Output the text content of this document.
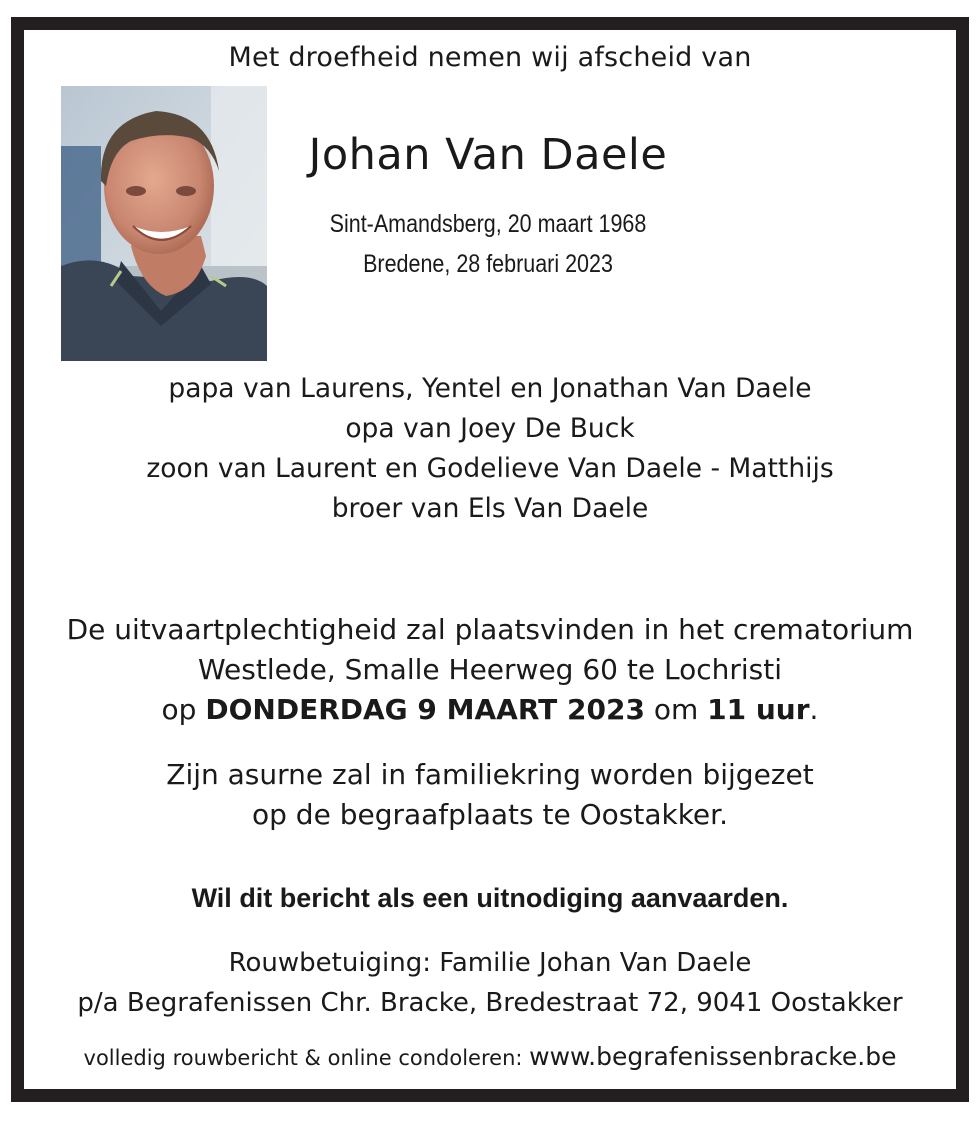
Met droefheid nemen wij afscheid van
Johan Van Daele
Sint-Amandsberg, 20 maart 1968
Bredene, 28 februari 2023
papa van Laurens, Yentel en Jonathan Van Daele
opa van Joey De Buck
zoon van Laurent en Godelieve Van Daele - Matthijs
broer van Els Van Daele
De uitvaartplechtigheid zal plaatsvinden in het crematorium
Westlede, Smalle Heerweg 60 te Lochristi
op DONDERDAG 9 MAART 2023 om 11 uur.
Zijn asurne zal in familiekring worden bijgezet
op de begraafplaats te Oostakker.
Wil dit bericht als een uitnodiging aanvaarden.
Rouwbetuiging: Familie Johan Van Daele
p/a Begrafenissen Chr. Bracke, Bredestraat 72, 9041 Oostakker
volledig rouwbericht & online condoleren: www.begrafenissenbracke.be
